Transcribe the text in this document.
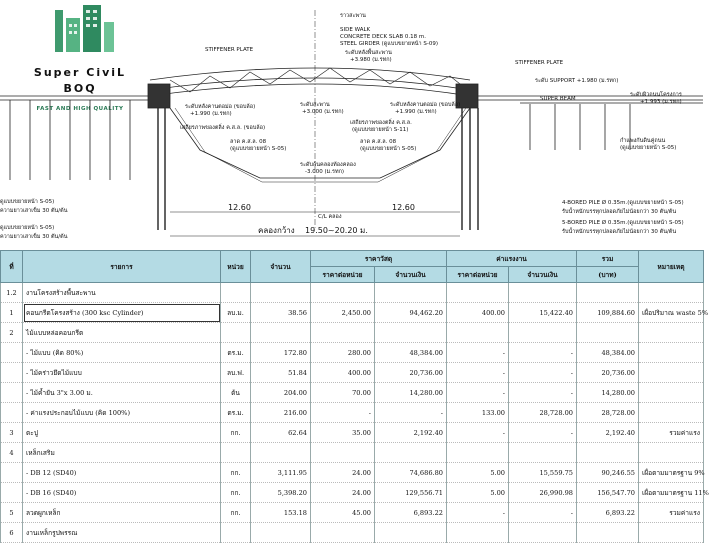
Super CiviL
BOQ
FAST AND HIGH QUALITY
ราวสะพาน
SIDE WALK
CONCRETE DECK SLAB 0.18 m.
STEEL GIRDER (ดูแบบขยายหน้า S-09)
ระดับหลังพื้นสะพาน
+3.980 (ม.รทก)
STIFFENER PLATE
STIFFENER PLATE
ระดับ SUPPORT +1.980 (ม.รทก)
SUPER BEAM
ระดับผิวถนนโครงการ
+1.993 (ม.รทก)
ระดับหลังคานตอม่อ (ขอบล้อ)
+1.990 (ม.รทก)
ระดับหลังคานตอม่อ (ขอบล้อ)
+1.990 (ม.รทก)
ระดับสะพาน
+3.000 (ม.รทก)
เสถียรภาพของตลิ่ง ค.ส.ล. (ขอบล้อ)
เสถียรภาพของตลิ่ง ค.ส.ล.
(ดูแบบขยายหน้า S-11)
ลาด ค.ส.ล. 08
(ดูแบบขยายหน้า S-05)
ลาด ค.ส.ล. 08
(ดูแบบขยายหน้า S-05)
ระดับก้นคลองท้องคลอง
-3.000 (ม.รทก)
ดูแบบขยายหน้า S-05)
ความยาวเสาเข็ม 30 ตัน/ต้น
ดูแบบขยายหน้า S-05)
ความยาวเสาเข็ม 30 ตัน/ต้น
4-BORED PILE Ø 0.35m.(ดูแบบขยายหน้า S-05)
รับน้ำหนักบรรทุกปลอดภัยไม่น้อยกว่า 30 ตัน/ต้น
5-BORED PILE Ø 0.35m.(ดูแบบขยายหน้า S-05)
รับน้ำหนักบรรทุกปลอดภัยไม่น้อยกว่า 30 ตัน/ต้น
กำแพงกันดินคู่ถนน
(ดูแบบขยายหน้า S-05)
12.60	12.60
C/L คลอง
คลองกว้าง 19.50~20.20 ม.
ที่	รายการ	หน่วย	จำนวน	ราคาวัสดุ		ค่าแรงงาน		รวม	หมายเหตุ
				ราคาต่อหน่วย	จำนวนเงิน	ราคาต่อหน่วย	จำนวนเงิน	(บาท)	
1.2	งานโครงสร้างพื้นสะพาน								
1	คอนกรีตโครงสร้าง (300 ksc Cylinder)	ลบ.ม.	38.56	2,450.00	94,462.20	400.00	15,422.40	109,884.60	เผื่อปริมาณ waste 5%
2	ไม้แบบหล่อคอนกรีต								
	- ไม้แบบ (คิด 80%)	ตร.ม.	172.80	280.00	48,384.00	-	-	48,384.00	
	- ไม้คร่าวยึดไม้แบบ	ลบ.ฟ.	51.84	400.00	20,736.00	-	-	20,736.00	
	- ไม้ค้ำยัน 3"x 3.00 ม.	ต้น	204.00	70.00	14,280.00	-	-	14,280.00	
	- ค่าแรงประกอบไม้แบบ (คิด 100%)	ตร.ม.	216.00	-	-	133.00	28,728.00	28,728.00	
3	ตะปู	กก.	62.64	35.00	2,192.40	-	-	2,192.40	รวมค่าแรง
4	เหล็กเสริม								
	- DB 12 (SD40)	กก.	3,111.95	24.00	74,686.80	5.00	15,559.75	90,246.55	เผื่อตามมาตรฐาน 9%
	- DB 16 (SD40)	กก.	5,398.20	24.00	129,556.71	5.00	26,990.98	156,547.70	เผื่อตามมาตรฐาน 11%
5	ลวดผูกเหล็ก	กก.	153.18	45.00	6,893.22	-	-	6,893.22	รวมค่าแรง
6	งานเหล็กรูปพรรณ								
